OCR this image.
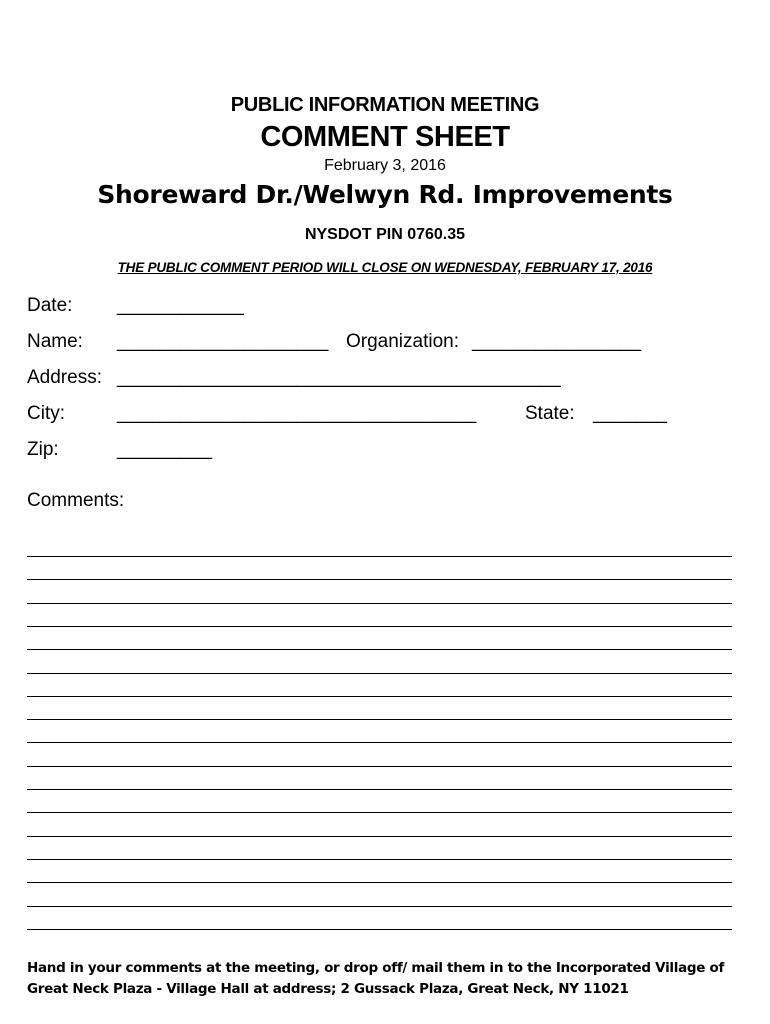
PUBLIC INFORMATION MEETING
COMMENT SHEET
February 3, 2016
Shoreward Dr./Welwyn Rd. Improvements
NYSDOT PIN 0760.35
THE PUBLIC COMMENT PERIOD WILL CLOSE ON WEDNESDAY, FEBRUARY 17, 2016
Date: ____________
Name: ____________________ Organization: ________________
Address: __________________________________________
City:	__________________________________	State: _______
Zip:	_________
Comments:
Hand in your comments at the meeting, or drop off/ mail them in to the Incorporated Village of
Great Neck Plaza - Village Hall at address; 2 Gussack Plaza, Great Neck, NY 11021
